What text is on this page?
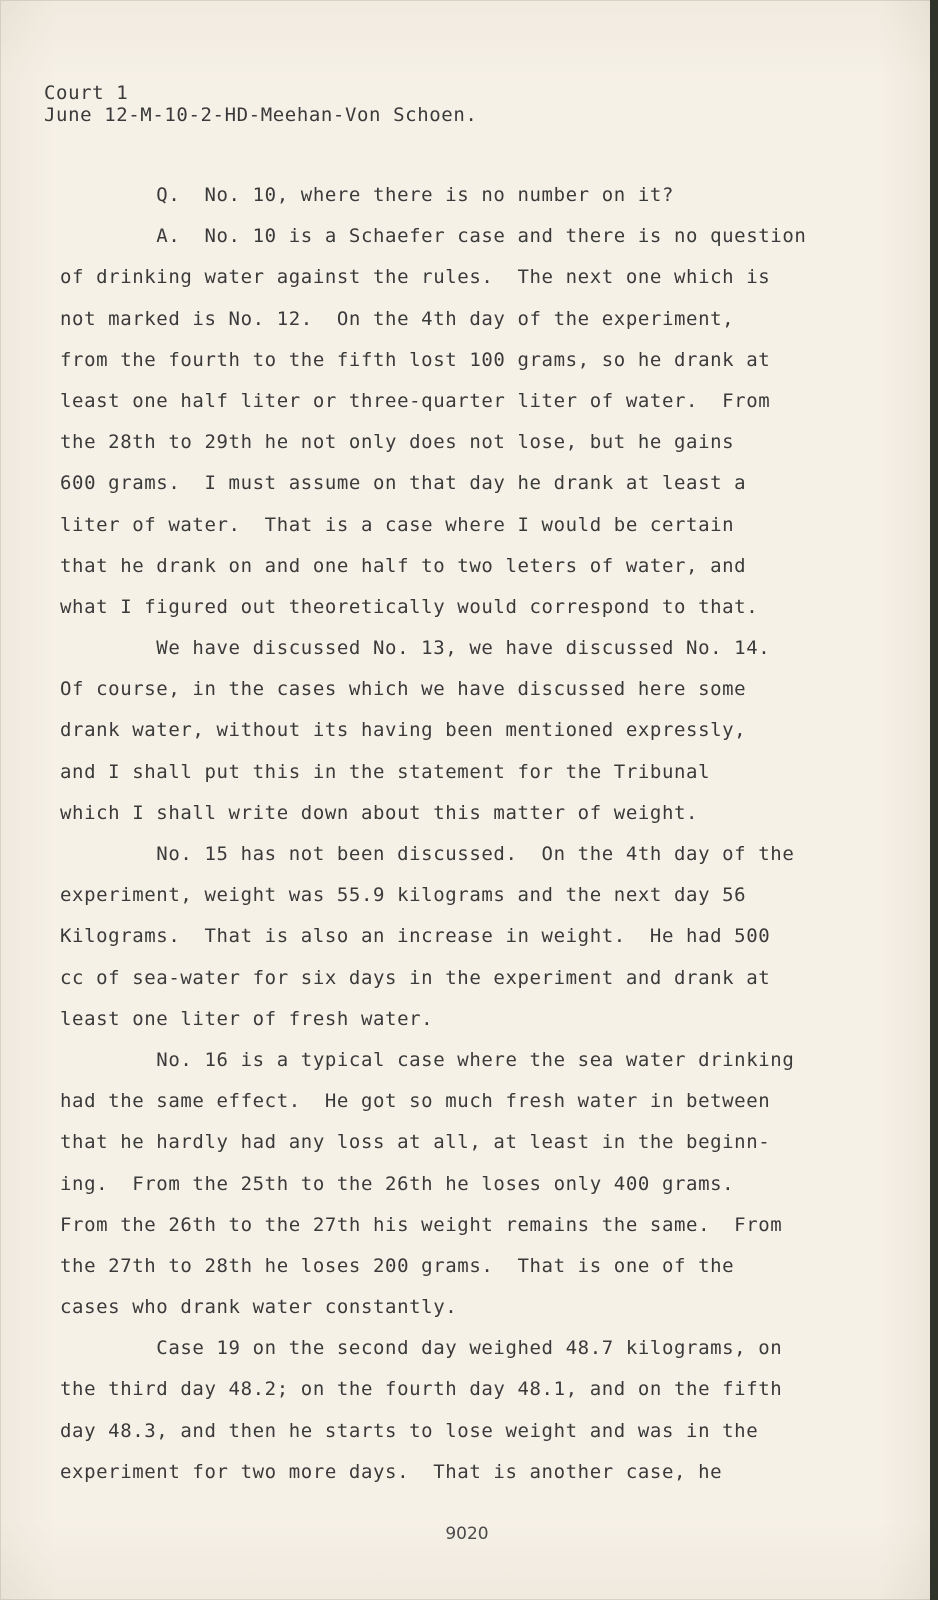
Court 1
June 12-M-10-2-HD-Meehan-Von Schoen.
Q.  No. 10, where there is no number on it?
A.  No. 10 is a Schaefer case and there is no question
of drinking water against the rules.  The next one which is
not marked is No. 12.  On the 4th day of the experiment,
from the fourth to the fifth lost 100 grams, so he drank at
least one half liter or three-quarter liter of water.  From
the 28th to 29th he not only does not lose, but he gains
600 grams.  I must assume on that day he drank at least a
liter of water.  That is a case where I would be certain
that he drank on and one half to two leters of water, and
what I figured out theoretically would correspond to that.
We have discussed No. 13, we have discussed No. 14.
Of course, in the cases which we have discussed here some
drank water, without its having been mentioned expressly,
and I shall put this in the statement for the Tribunal
which I shall write down about this matter of weight.
No. 15 has not been discussed.  On the 4th day of the
experiment, weight was 55.9 kilograms and the next day 56
Kilograms.  That is also an increase in weight.  He had 500
cc of sea-water for six days in the experiment and drank at
least one liter of fresh water.
No. 16 is a typical case where the sea water drinking
had the same effect.  He got so much fresh water in between
that he hardly had any loss at all, at least in the beginn-
ing.  From the 25th to the 26th he loses only 400 grams.
From the 26th to the 27th his weight remains the same.  From
the 27th to 28th he loses 200 grams.  That is one of the
cases who drank water constantly.
Case 19 on the second day weighed 48.7 kilograms, on
the third day 48.2; on the fourth day 48.1, and on the fifth
day 48.3, and then he starts to lose weight and was in the
experiment for two more days.  That is another case, he

9020
